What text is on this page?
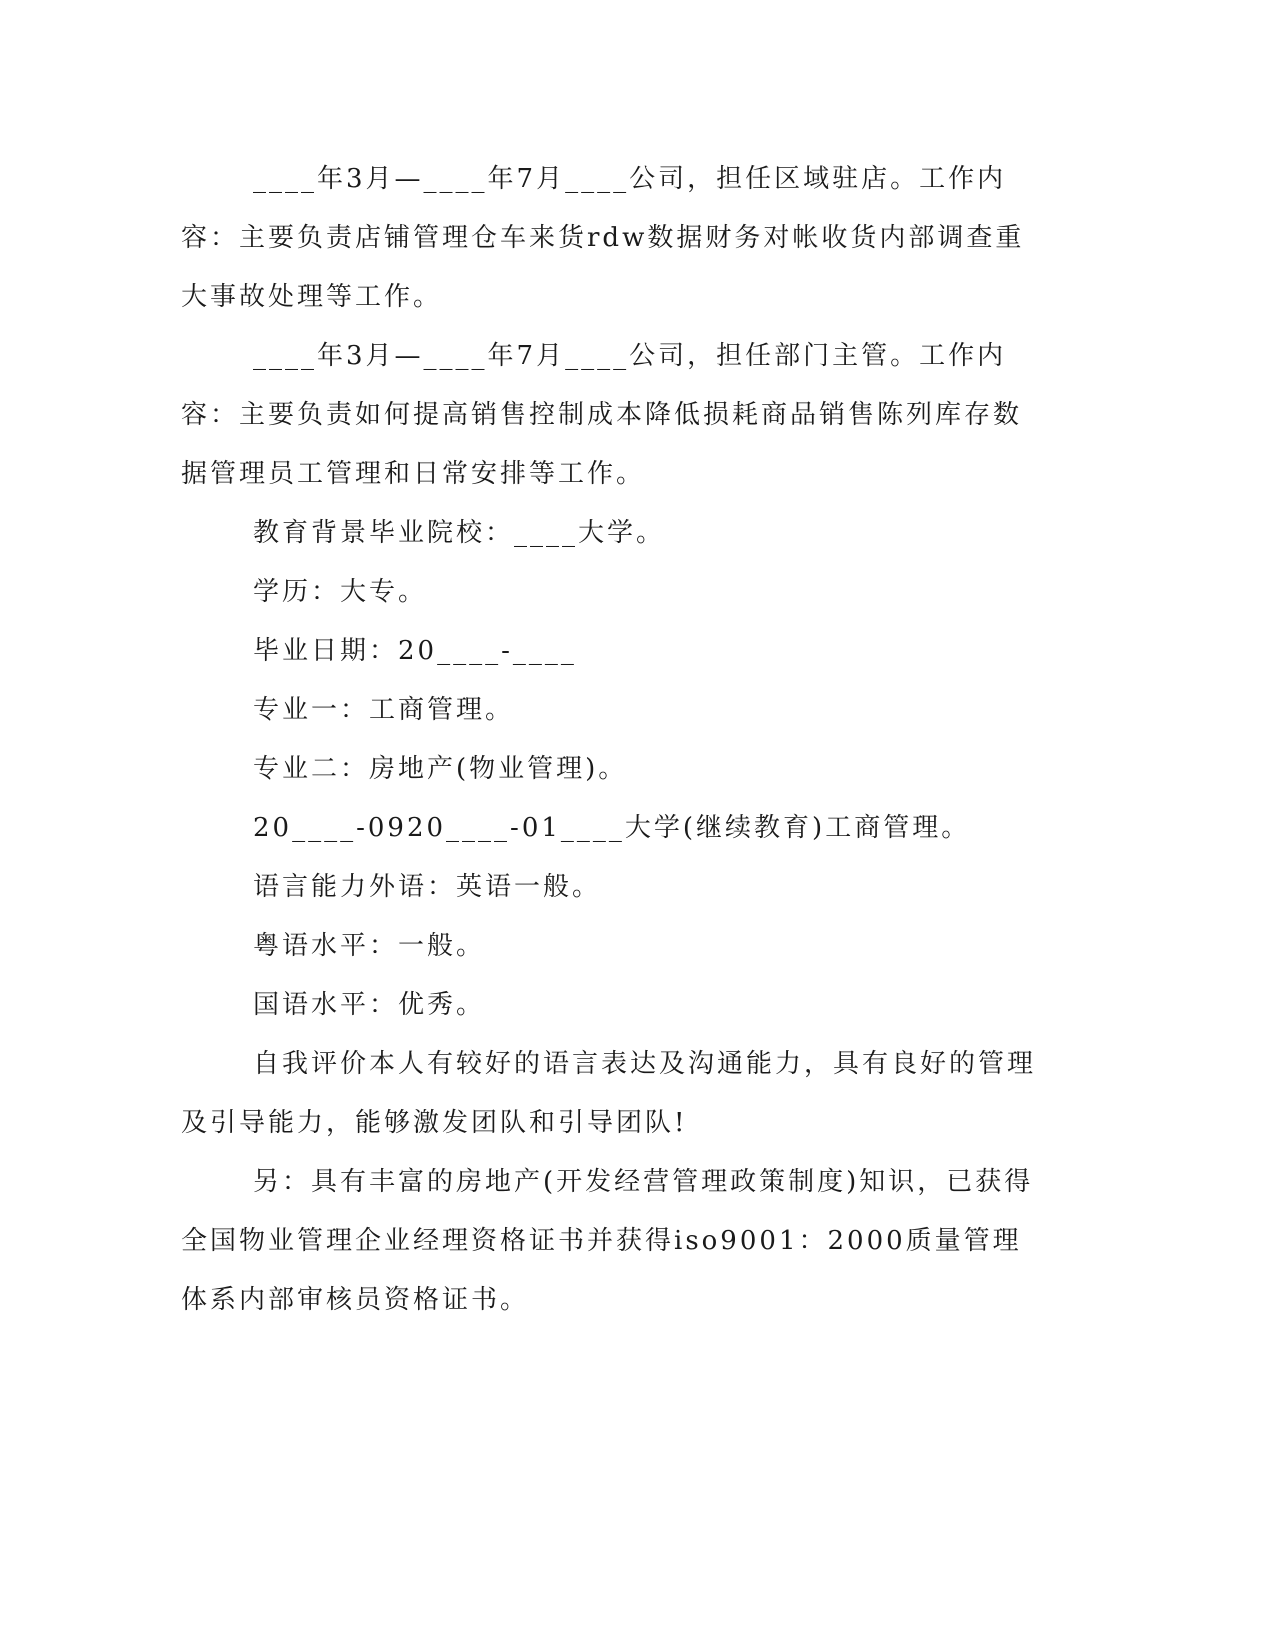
____年3月—____年7月____公司，担任区域驻店。工作内容：主要负责店铺管理仓车来货rdw数据财务对帐收货内部调查重大事故处理等工作。

____年3月—____年7月____公司，担任部门主管。工作内容：主要负责如何提高销售控制成本降低损耗商品销售陈列库存数据管理员工管理和日常安排等工作。

教育背景毕业院校：____大学。

学历：大专。

毕业日期：20____-____

专业一：工商管理。

专业二：房地产(物业管理)。

20____-0920____-01____大学(继续教育)工商管理。

语言能力外语：英语一般。

粤语水平：一般。

国语水平：优秀。

自我评价本人有较好的语言表达及沟通能力，具有良好的管理及引导能力，能够激发团队和引导团队!

另：具有丰富的房地产(开发经营管理政策制度)知识，已获得全国物业管理企业经理资格证书并获得iso9001：2000质量管理体系内部审核员资格证书。
